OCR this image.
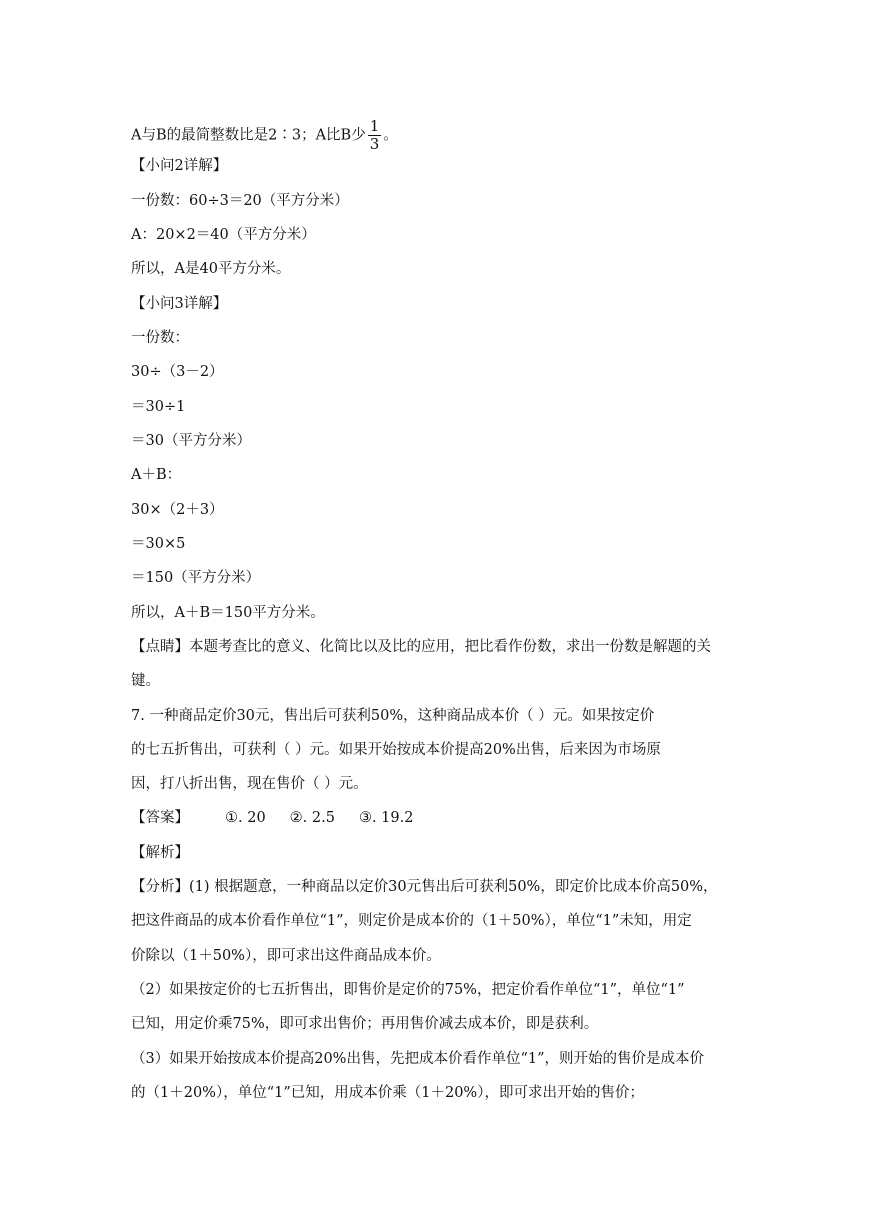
A与B的最简整数比是2∶3；A比B少 $\frac{1}{3}$ 。
【小问2详解】
一份数：60÷3＝20（平方分米）
A：20×2＝40（平方分米）
所以，A是40平方分米。
【小问3详解】
一份数：
30÷（3－2）
＝30÷1
＝30（平方分米）
A＋B：
30×（2＋3）
＝30×5
＝150（平方分米）
所以，A＋B＝150平方分米。
【点睛】本题考查比的意义、化简比以及比的应用，把比看作份数，求出一份数是解题的关
键。
7. 一种商品定价30元，售出后可获利50%，这种商品成本价（ ）元。如果按定价
的七五折售出，可获利（ ）元。如果开始按成本价提高20%出售，后来因为市场原
因，打八折出售，现在售价（ ）元。
【答案】 ①. 20 ②. 2.5 ③. 19.2
【解析】
【分析】(1) 根据题意，一种商品以定价30元售出后可获利50%，即定价比成本价高50%，
把这件商品的成本价看作单位“1”，则定价是成本价的（1＋50%），单位“1”未知，用定
价除以（1＋50%），即可求出这件商品成本价。
（2）如果按定价的七五折售出，即售价是定价的75%，把定价看作单位“1”，单位“1”
已知，用定价乘75%，即可求出售价；再用售价减去成本价，即是获利。
（3）如果开始按成本价提高20%出售，先把成本价看作单位“1”，则开始的售价是成本价
的（1＋20%），单位“1”已知，用成本价乘（1＋20%），即可求出开始的售价；
